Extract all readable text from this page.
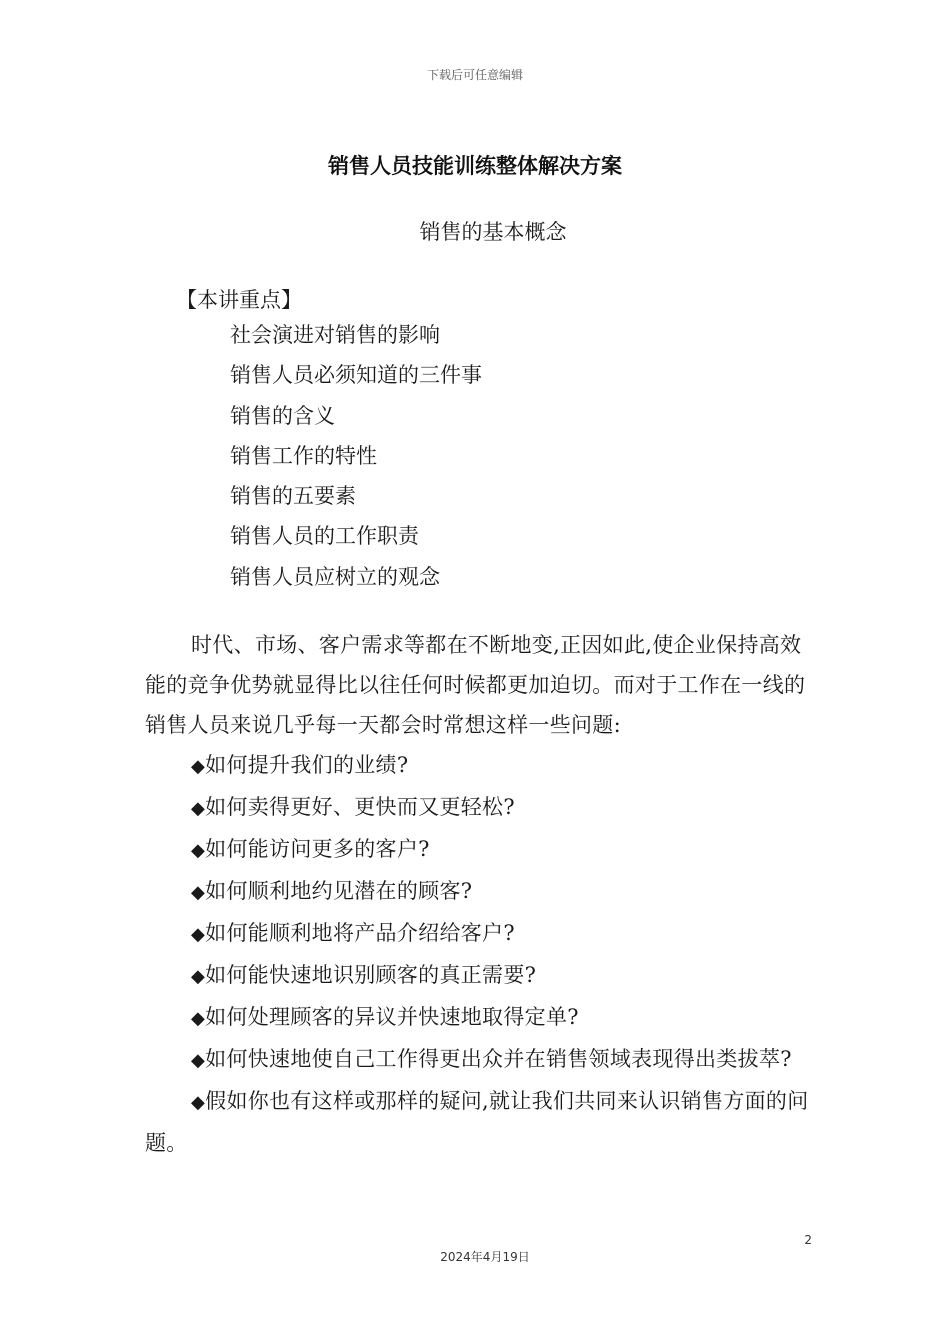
下载后可任意编辑
销售人员技能训练整体解决方案
销售的基本概念
【本讲重点】
社会演进对销售的影响
销售人员必须知道的三件事
销售的含义
销售工作的特性
销售的五要素
销售人员的工作职责
销售人员应树立的观念

时代、市场、客户需求等都在不断地变,正因如此,使企业保持高效能的竞争优势就显得比以往任何时候都更加迫切。而对于工作在一线的销售人员来说几乎每一天都会时常想这样一些问题:

◆如何提升我们的业绩?
◆如何卖得更好、更快而又更轻松?
◆如何能访问更多的客户?
◆如何顺利地约见潜在的顾客?
◆如何能顺利地将产品介绍给客户?
◆如何能快速地识别顾客的真正需要?
◆如何处理顾客的异议并快速地取得定单?
◆如何快速地使自己工作得更出众并在销售领域表现得出类拔萃?
◆假如你也有这样或那样的疑问,就让我们共同来认识销售方面的问题。
2
2024年4月19日
